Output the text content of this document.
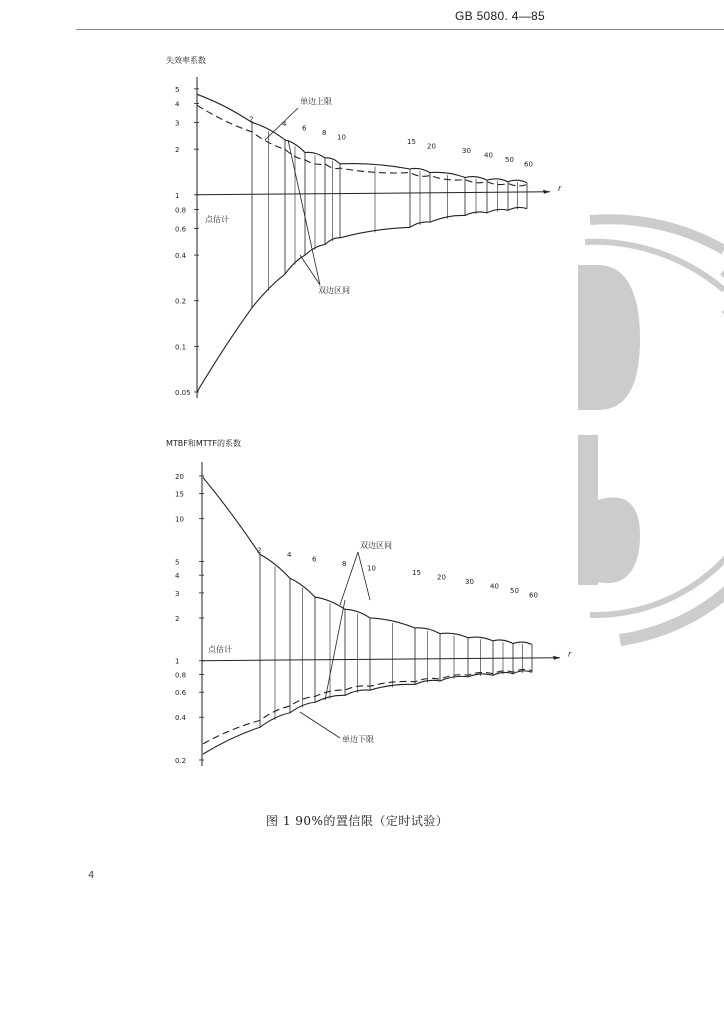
GB 5080. 4—85
失效率系数
5
4
3
2
1
0.8
0.6
0.4
0.2
0.1
0.05
r
2
4
6
8
10
15
20
30
40
50
60
单边上限
点估计
双边区间
MTBF和MTTF的系数
20
15
10
5
4
3
2
1
0.8
0.6
0.4
0.2
r
2
4
6
8
10
15
20
30
40
50
60
双边区间
点估计
单边下限
图 1 90%的置信限（定时试验）
4
